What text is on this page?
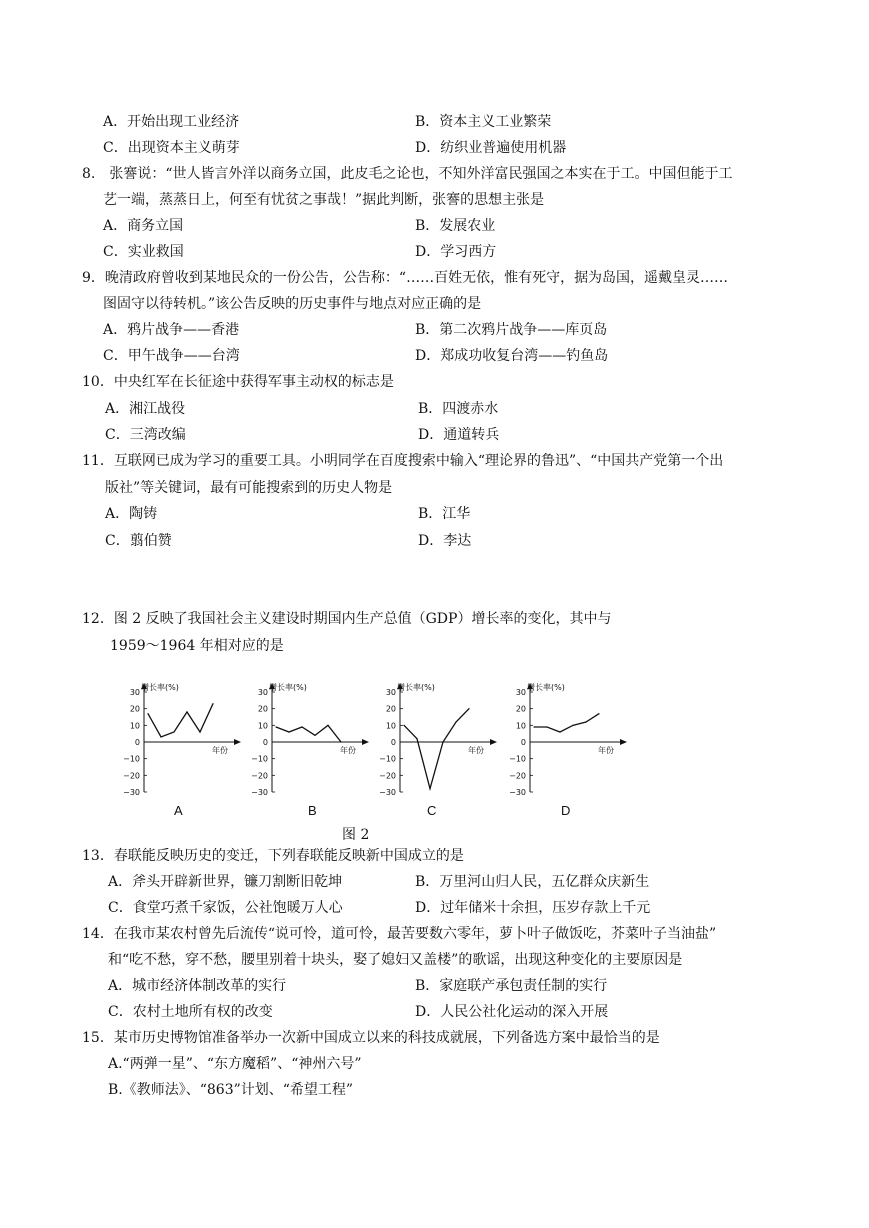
A．开始出现工业经济	B．资本主义工业繁荣
C．出现资本主义萌芽	D．纺织业普遍使用机器
8.　张謇说：“世人皆言外洋以商务立国，此皮毛之论也，不知外洋富民强国之本实在于工。中国但能于工
艺一端，蒸蒸日上，何至有忧贫之事哉！”据此判断，张謇的思想主张是
A．商务立国	B．发展农业
C．实业救国	D．学习西方
9．晚清政府曾收到某地民众的一份公告，公告称：“……百姓无依，惟有死守，据为岛国，遥戴皇灵……
图固守以待转机。”该公告反映的历史事件与地点对应正确的是
A．鸦片战争——香港	B．第二次鸦片战争——库页岛
C．甲午战争——台湾	D．郑成功收复台湾——钓鱼岛
10．中央红军在长征途中获得军事主动权的标志是
A．湘江战役	B．四渡赤水
C．三湾改编	D．通道转兵
11．互联网已成为学习的重要工具。小明同学在百度搜索中输入“理论界的鲁迅”、“中国共产党第一个出
版社”等关键词，最有可能搜索到的历史人物是
A．陶铸	B．江华
C．翦伯赞	D．李达
12．图 2 反映了我国社会主义建设时期国内生产总值（GDP）增长率的变化，其中与
1959～1964 年相对应的是
增长率(%)
年份
30
20
10
0
−10
−20
−30
增长率(%)
年份
30
20
10
0
−10
−20
−30
增长率(%)
年份
30
20
10
0
−10
−20
−30
增长率(%)
年份
30
20
10
0
−10
−20
−30
A	B	C	D
图 2
13．春联能反映历史的变迁，下列春联能反映新中国成立的是
A．斧头开辟新世界，镰刀割断旧乾坤	B．万里河山归人民，五亿群众庆新生
C．食堂巧煮千家饭，公社饱暖万人心	D．过年储米十余担，压岁存款上千元
14．在我市某农村曾先后流传“说可怜，道可怜，最苦要数六零年，萝卜叶子做饭吃，芥菜叶子当油盐”
和“吃不愁，穿不愁，腰里别着十块头，娶了媳妇又盖楼”的歌谣，出现这种变化的主要原因是
A．城市经济体制改革的实行	B．家庭联产承包责任制的实行
C．农村土地所有权的改变	D．人民公社化运动的深入开展
15．某市历史博物馆准备举办一次新中国成立以来的科技成就展，下列备选方案中最恰当的是
A.“两弹一星”、“东方魔稻”、“神州六号”
B.《教师法》、“863”计划、“希望工程”
